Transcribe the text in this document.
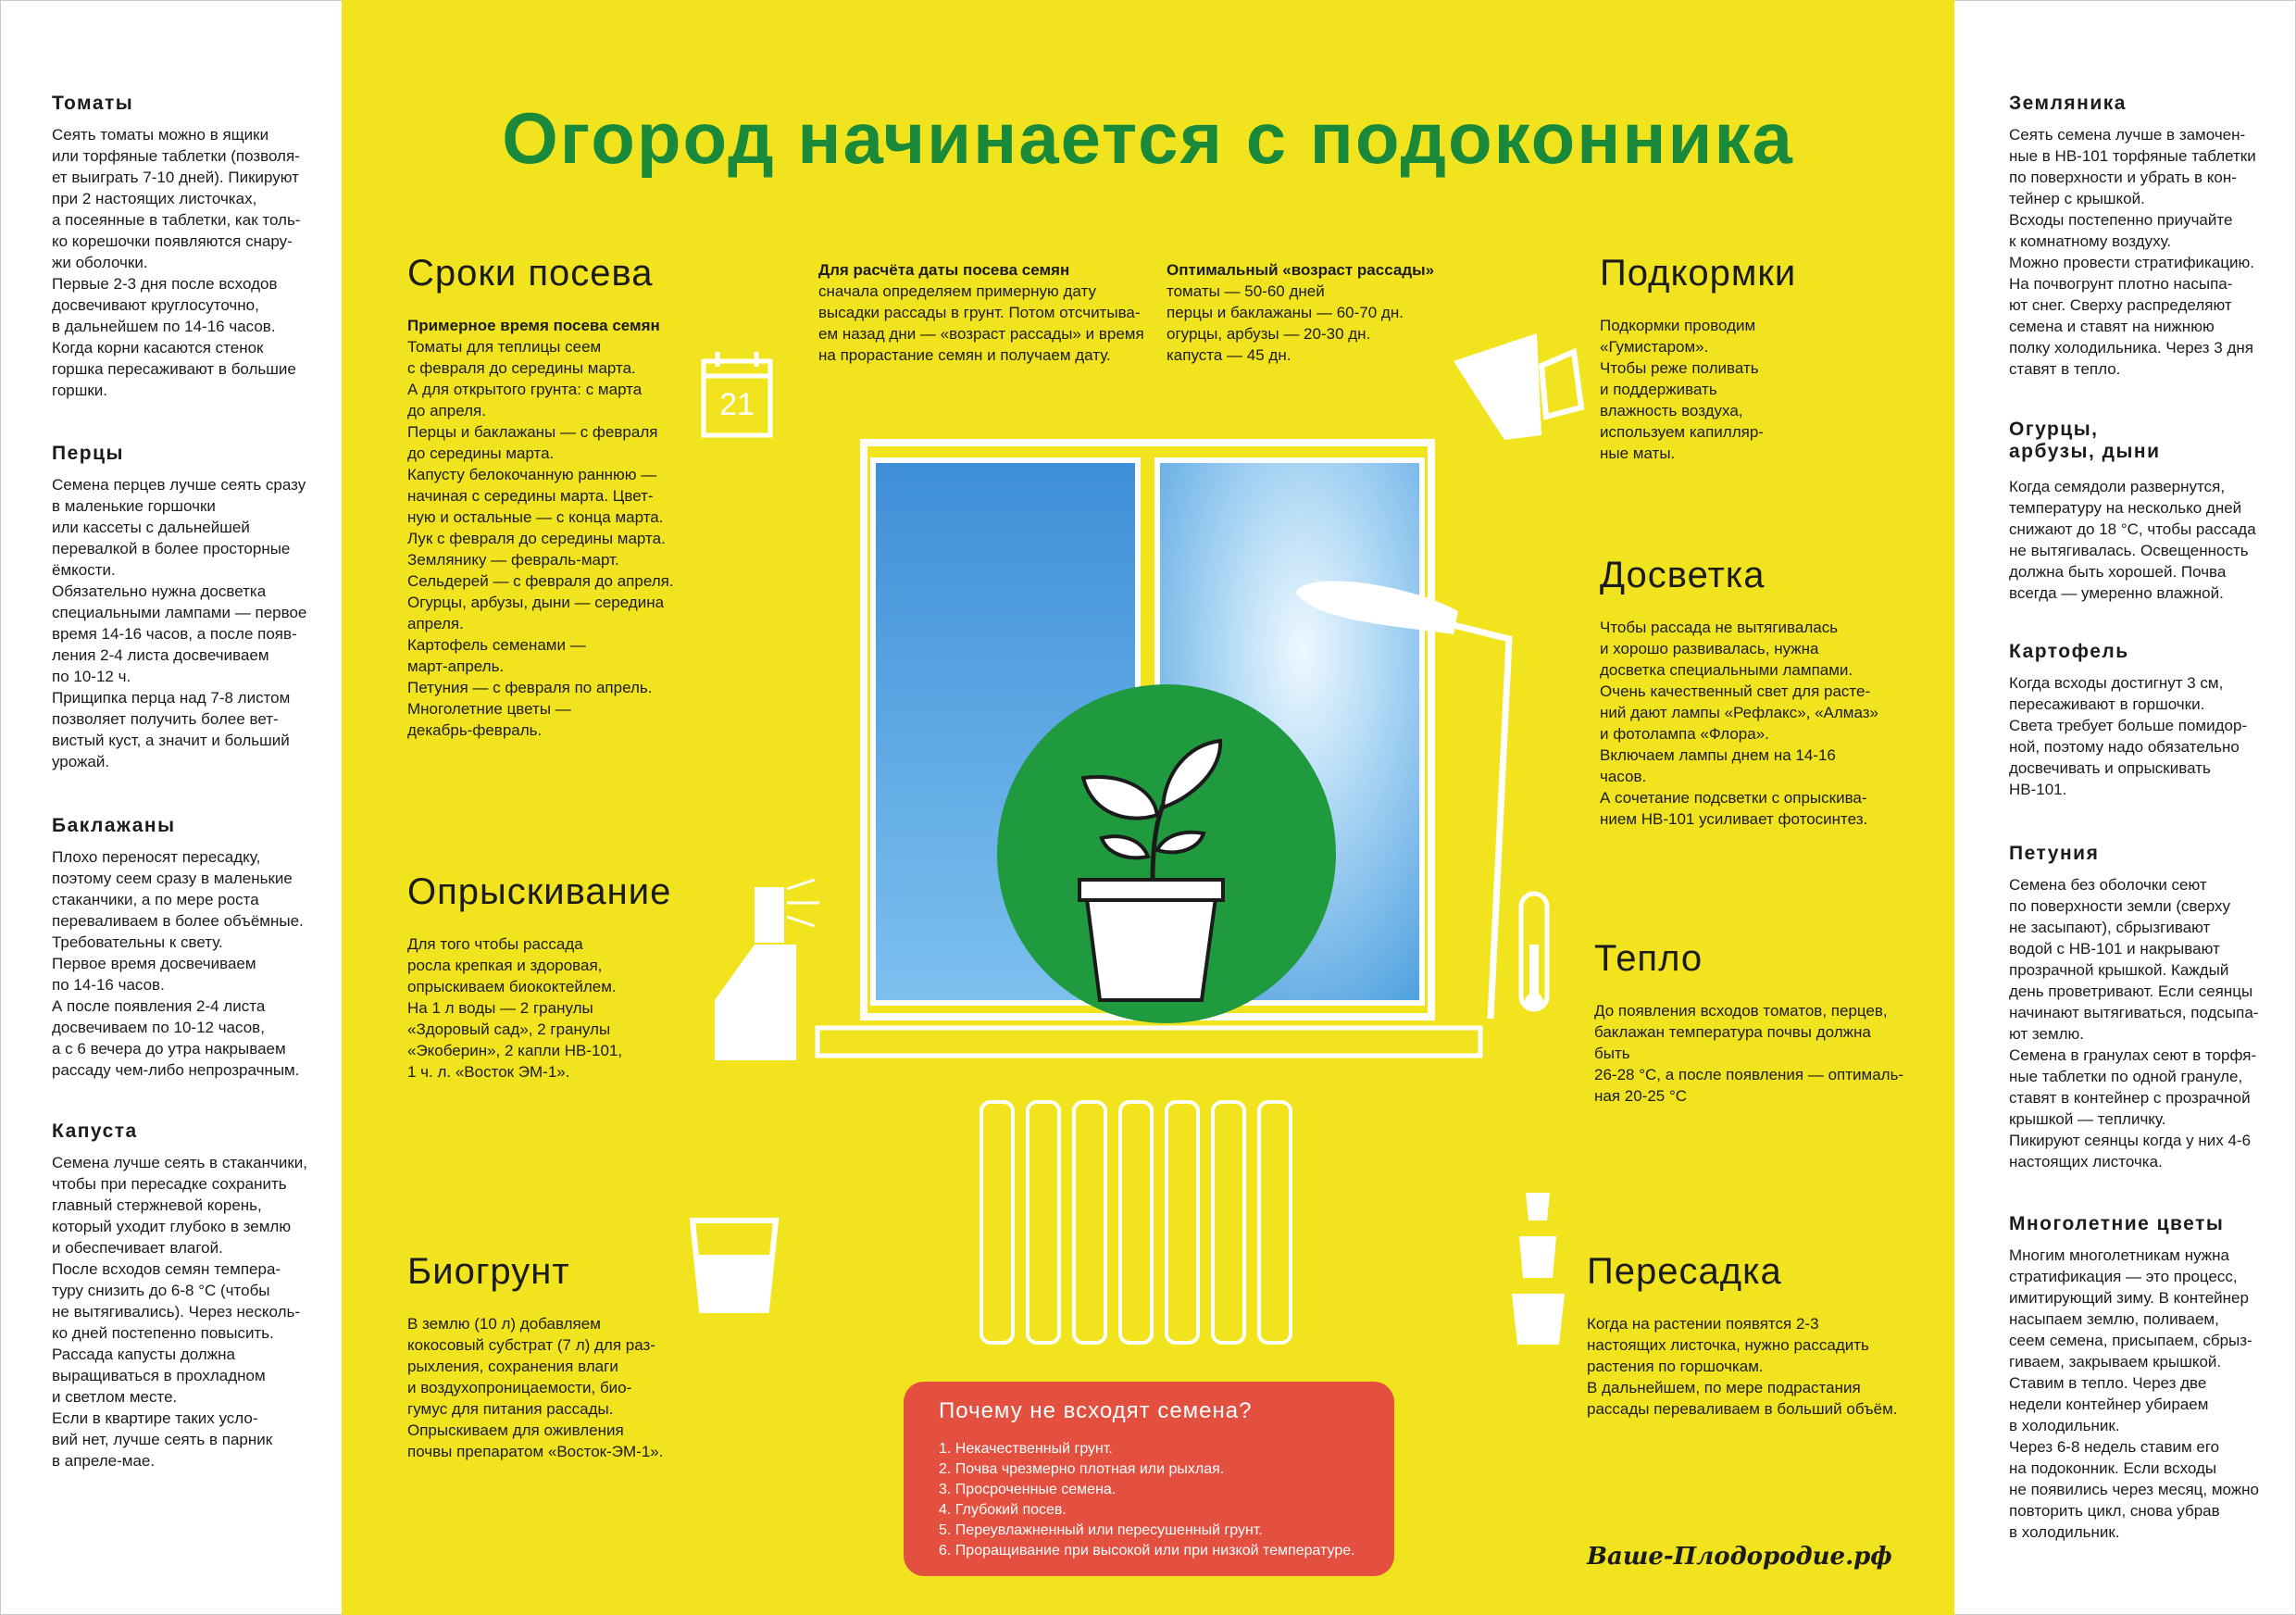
21
Огород начинается с подоконника
Томаты
Сеять томаты можно в ящики
или торфяные таблетки (позволя-
ет выиграть 7-10 дней). Пикируют
при 2 настоящих листочках,
а посеянные в таблетки, как толь-
ко корешочки появляются снару-
жи оболочки.
Первые 2-3 дня после всходов
досвечивают круглосуточно,
в дальнейшем по 14-16 часов.
Когда корни касаются стенок
горшка пересаживают в большие
горшки.
Перцы
Семена перцев лучше сеять сразу
в маленькие горшочки
или кассеты с дальнейшей
перевалкой в более просторные
ёмкости.
Обязательно нужна досветка
специальными лампами — первое
время 14-16 часов, а после появ-
ления 2-4 листа досвечиваем
по 10-12 ч.
Прищипка перца над 7-8 листом
позволяет получить более вет-
вистый куст, а значит и больший
урожай.
Баклажаны
Плохо переносят пересадку,
поэтому сеем сразу в маленькие
стаканчики, а по мере роста
переваливаем в более объёмные.
Требовательны к свету.
Первое время досвечиваем
по 14-16 часов.
А после появления 2-4 листа
досвечиваем по 10-12 часов,
а с 6 вечера до утра накрываем
рассаду чем-либо непрозрачным.
Капуста
Семена лучше сеять в стаканчики,
чтобы при пересадке сохранить
главный стержневой корень,
который уходит глубоко в землю
и обеспечивает влагой.
После всходов семян темпера-
туру снизить до 6-8 °С (чтобы
не вытягивались). Через несколь-
ко дней постепенно повысить.
Рассада капусты должна
выращиваться в прохладном
и светлом месте.
Если в квартире таких усло-
вий нет, лучше сеять в парник
в апреле-мае.
Земляника
Сеять семена лучше в замочен-
ные в НВ-101 торфяные таблетки
по поверхности и убрать в кон-
тейнер с крышкой.
Всходы постепенно приучайте
к комнатному воздуху.
Можно провести стратификацию.
На почвогрунт плотно насыпа-
ют снег. Сверху распределяют
семена и ставят на нижнюю
полку холодильника. Через 3 дня
ставят в тепло.
Огурцы,
арбузы, дыни
Когда семядоли развернутся,
температуру на несколько дней
снижают до 18 °С, чтобы рассада
не вытягивалась. Освещенность
должна быть хорошей. Почва
всегда — умеренно влажной.
Картофель
Когда всходы достигнут 3 см,
пересаживают в горшочки.
Света требует больше помидор-
ной, поэтому надо обязательно
досвечивать и опрыскивать
НВ-101.
Петуния
Семена без оболочки сеют
по поверхности земли (сверху
не засыпают), сбрызгивают
водой с НВ-101 и накрывают
прозрачной крышкой. Каждый
день проветривают. Если сеянцы
начинают вытягиваться, подсыпа-
ют землю.
Семена в гранулах сеют в торфя-
ные таблетки по одной грануле,
ставят в контейнер с прозрачной
крышкой — тепличку.
Пикируют сеянцы когда у них 4-6
настоящих листочка.
Многолетние цветы
Многим многолетникам нужна
стратификация — это процесс,
имитирующий зиму. В контейнер
насыпаем землю, поливаем,
сеем семена, присыпаем, сбрыз-
гиваем, закрываем крышкой.
Ставим в тепло. Через две
недели контейнер убираем
в холодильник.
Через 6-8 недель ставим его
на подоконник. Если всходы
не появились через месяц, можно
повторить цикл, снова убрав
в холодильник.
Сроки посева
Примерное время посева семян
Томаты для теплицы сеем
с февраля до середины марта.
А для открытого грунта: с марта
до апреля.
Перцы и баклажаны — с февраля
до середины марта.
Капусту белокочанную раннюю —
начиная с середины марта. Цвет-
ную и остальные — с конца марта.
Лук с февраля до середины марта.
Землянику — февраль-март.
Сельдерей — с февраля до апреля.
Огурцы, арбузы, дыни — середина
апреля.
Картофель семенами —
март-апрель.
Петуния — с февраля по апрель.
Многолетние цветы —
декабрь-февраль.
Для расчёта даты посева семян
сначала определяем примерную дату
высадки рассады в грунт. Потом отсчитыва-
ем назад дни — «возраст рассады» и время
на прорастание семян и получаем дату.
Оптимальный «возраст рассады»
томаты — 50-60 дней
перцы и баклажаны — 60-70 дн.
огурцы, арбузы — 20-30 дн.
капуста — 45 дн.
Подкормки
Подкормки проводим
«Гумистаром».
Чтобы реже поливать
и поддерживать
влажность воздуха,
используем капилляр-
ные маты.
Досветка
Чтобы рассада не вытягивалась
и хорошо развивалась, нужна
досветка специальными лампами.
Очень качественный свет для расте-
ний дают лампы «Рефлакс», «Алмаз»
и фотолампа «Флора».
Включаем лампы днем на 14-16
часов.
А сочетание подсветки с опрыскива-
нием НВ-101 усиливает фотосинтез.
Опрыскивание
Для того чтобы рассада
росла крепкая и здоровая,
опрыскиваем биококтейлем.
На 1 л воды — 2 гранулы
«Здоровый сад», 2 гранулы
«Экоберин», 2 капли НВ-101,
1 ч. л. «Восток ЭМ-1».
Тепло
До появления всходов томатов, перцев,
баклажан температура почвы должна быть
26-28 °С, а после появления — оптималь-
ная 20-25 °С
Биогрунт
В землю (10 л) добавляем
кокосовый субстрат (7 л) для раз-
рыхления, сохранения влаги
и воздухопроницаемости, био-
гумус для питания рассады.
Опрыскиваем для оживления
почвы препаратом «Восток-ЭМ-1».
Пересадка
Когда на растении появятся 2-3
настоящих листочка, нужно рассадить
растения по горшочкам.
В дальнейшем, по мере подрастания
рассады переваливаем в больший объём.
Почему не всходят семена?
1. Некачественный грунт.
2. Почва чрезмерно плотная или рыхлая.
3. Просроченные семена.
4. Глубокий посев.
5. Переувлажненный или пересушенный грунт.
6. Проращивание при высокой или при низкой температуре.	Ваше-Плодородие.рф
